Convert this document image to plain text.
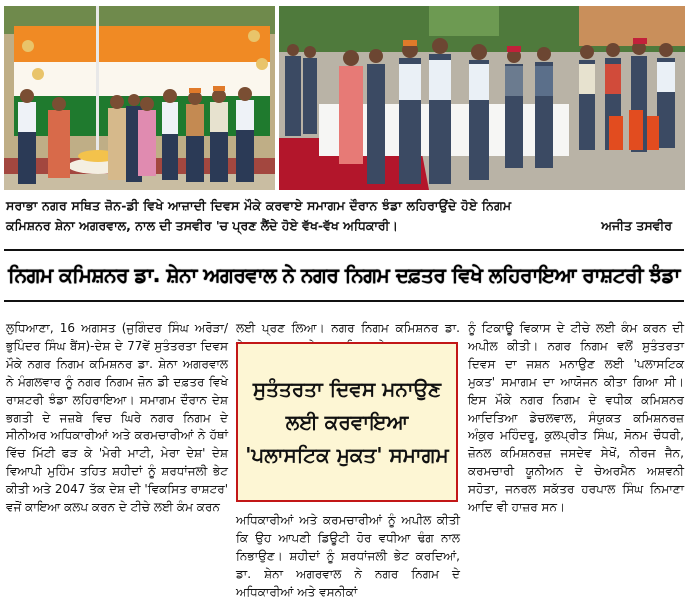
ਸਰਾਭਾ ਨਗਰ ਸਥਿਤ ਜ਼ੋਨ-ਡੀ ਵਿਖੇ ਆਜ਼ਾਦੀ ਦਿਵਸ ਮੌਕੇ ਕਰਵਾਏ ਸਮਾਗਮ ਦੌਰਾਨ ਝੰਡਾ ਲਹਿਰਾਉਂਦੇ ਹੋਏ ਨਿਗਮ
ਕਮਿਸ਼ਨਰ ਸ਼ੇਨਾ ਅਗਰਵਾਲ, ਨਾਲ ਦੀ ਤਸਵੀਰ 'ਚ ਪ੍ਰਣ ਲੈਂਦੇ ਹੋਏ ਵੱਖ-ਵੱਖ ਅਧਿਕਾਰੀ।	ਅਜੀਤ ਤਸਵੀਰ
ਨਿਗਮ ਕਮਿਸ਼ਨਰ ਡਾ. ਸ਼ੇਨਾ ਅਗਰਵਾਲ ਨੇ ਨਗਰ ਨਿਗਮ ਦਫ਼ਤਰ ਵਿਖੇ ਲਹਿਰਾਇਆ ਰਾਸ਼ਟਰੀ ਝੰਡਾ

ਲੁਧਿਆਣਾ, 16 ਅਗਸਤ (ਜੁਗਿੰਦਰ ਸਿੰਘ ਅਰੋੜਾ/ਭੁਪਿੰਦਰ ਸਿੰਘ ਬੈਂਸ)-ਦੇਸ਼ ਦੇ 77ਵੇਂ ਸੁਤੰਤਰਤਾ ਦਿਵਸ ਮੌਕੇ ਨਗਰ ਨਿਗਮ ਕਮਿਸ਼ਨਰ ਡਾ. ਸ਼ੇਨਾ ਅਗਰਵਾਲ ਨੇ ਮੰਗਲਵਾਰ ਨੂੰ ਨਗਰ ਨਿਗਮ ਜ਼ੋਨ ਡੀ ਦਫ਼ਤਰ ਵਿਖੇ ਰਾਸ਼ਟਰੀ ਝੰਡਾ ਲਹਿਰਾਇਆ। ਸਮਾਗਮ ਦੌਰਾਨ ਦੇਸ਼ ਭਗਤੀ ਦੇ ਜਜ਼ਬੇ ਵਿਚ ਘਿਰੇ ਨਗਰ ਨਿਗਮ ਦੇ ਸੀਨੀਅਰ ਅਧਿਕਾਰੀਆਂ ਅਤੇ ਕਰਮਚਾਰੀਆਂ ਨੇ ਹੱਥਾਂ ਵਿੱਚ ਮਿੱਟੀ ਫੜ ਕੇ 'ਮੇਰੀ ਮਾਟੀ, ਮੇਰਾ ਦੇਸ਼' ਦੇਸ਼ ਵਿਆਪੀ ਮੁਹਿੰਮ ਤਹਿਤ ਸ਼ਹੀਦਾਂ ਨੂੰ ਸ਼ਰਧਾਂਜਲੀ ਭੇਟ ਕੀਤੀ ਅਤੇ 2047 ਤੱਕ ਦੇਸ਼ ਦੀ 'ਵਿਕਸਿਤ ਰਾਸ਼ਟਰ' ਵਜੋਂ ਕਾਇਆ ਕਲਪ ਕਰਨ ਦੇ ਟੀਚੇ ਲਈ ਕੰਮ ਕਰਨ

ਲਈ ਪ੍ਰਣ ਲਿਆ। ਨਗਰ ਨਿਗਮ ਕਮਿਸ਼ਨਰ ਡਾ.

ਸੁਤੰਤਰਤਾ ਦਿਵਸ ਮਨਾਉਣ ਲਈ ਕਰਵਾਇਆ 'ਪਲਾਸਟਿਕ ਮੁਕਤ' ਸਮਾਗਮ

ਅਧਿਕਾਰੀਆਂ ਅਤੇ ਕਰਮਚਾਰੀਆਂ ਨੂੰ ਅਪੀਲ ਕੀਤੀ ਕਿ ਉਹ ਆਪਣੀ ਡਿਊਟੀ ਹੋਰ ਵਧੀਆ ਢੰਗ ਨਾਲ ਨਿਭਾਉਣ। ਸ਼ਹੀਦਾਂ ਨੂੰ ਸ਼ਰਧਾਂਜਲੀ ਭੇਟ ਕਰਦਿਆਂ, ਡਾ. ਸ਼ੇਨਾ ਅਗਰਵਾਲ ਨੇ ਨਗਰ ਨਿਗਮ ਦੇ ਅਧਿਕਾਰੀਆਂ ਅਤੇ ਵਸਨੀਕਾਂ

ਨੂੰ ਟਿਕਾਊ ਵਿਕਾਸ ਦੇ ਟੀਚੇ ਲਈ ਕੰਮ ਕਰਨ ਦੀ ਅਪੀਲ ਕੀਤੀ। ਨਗਰ ਨਿਗਮ ਵਲੋਂ ਸੁਤੰਤਰਤਾ ਦਿਵਸ ਦਾ ਜਸ਼ਨ ਮਨਾਉਣ ਲਈ 'ਪਲਾਸਟਿਕ ਮੁਕਤ' ਸਮਾਗਮ ਦਾ ਆਯੋਜਨ ਕੀਤਾ ਗਿਆ ਸੀ। ਇਸ ਮੌਕੇ ਨਗਰ ਨਿਗਮ ਦੇ ਵਧੀਕ ਕਮਿਸ਼ਨਰ ਆਦਿਤਿਆ ਡੇਚਲਵਾਲ, ਸੰਯੁਕਤ ਕਮਿਸ਼ਨਰਜ਼ ਅੰਕੁਰ ਮਹਿੰਦਰੂ, ਕੁਲਪ੍ਰੀਤ ਸਿੰਘ, ਸੋਨਮ ਚੌਧਰੀ, ਜ਼ੋਨਲ ਕਮਿਸ਼ਨਰਜ਼ ਜਸਦੇਵ ਸੇਖੋਂ, ਨੀਰਜ ਜੈਨ, ਕਰਮਚਾਰੀ ਯੂਨੀਅਨ ਦੇ ਚੇਅਰਮੈਨ ਅਸ਼ਵਨੀ ਸਹੋਤਾ, ਜਨਰਲ ਸਕੱਤਰ ਹਰਪਾਲ ਸਿੰਘ ਨਿਮਾਣਾ ਆਦਿ ਵੀ ਹਾਜ਼ਰ ਸਨ।
